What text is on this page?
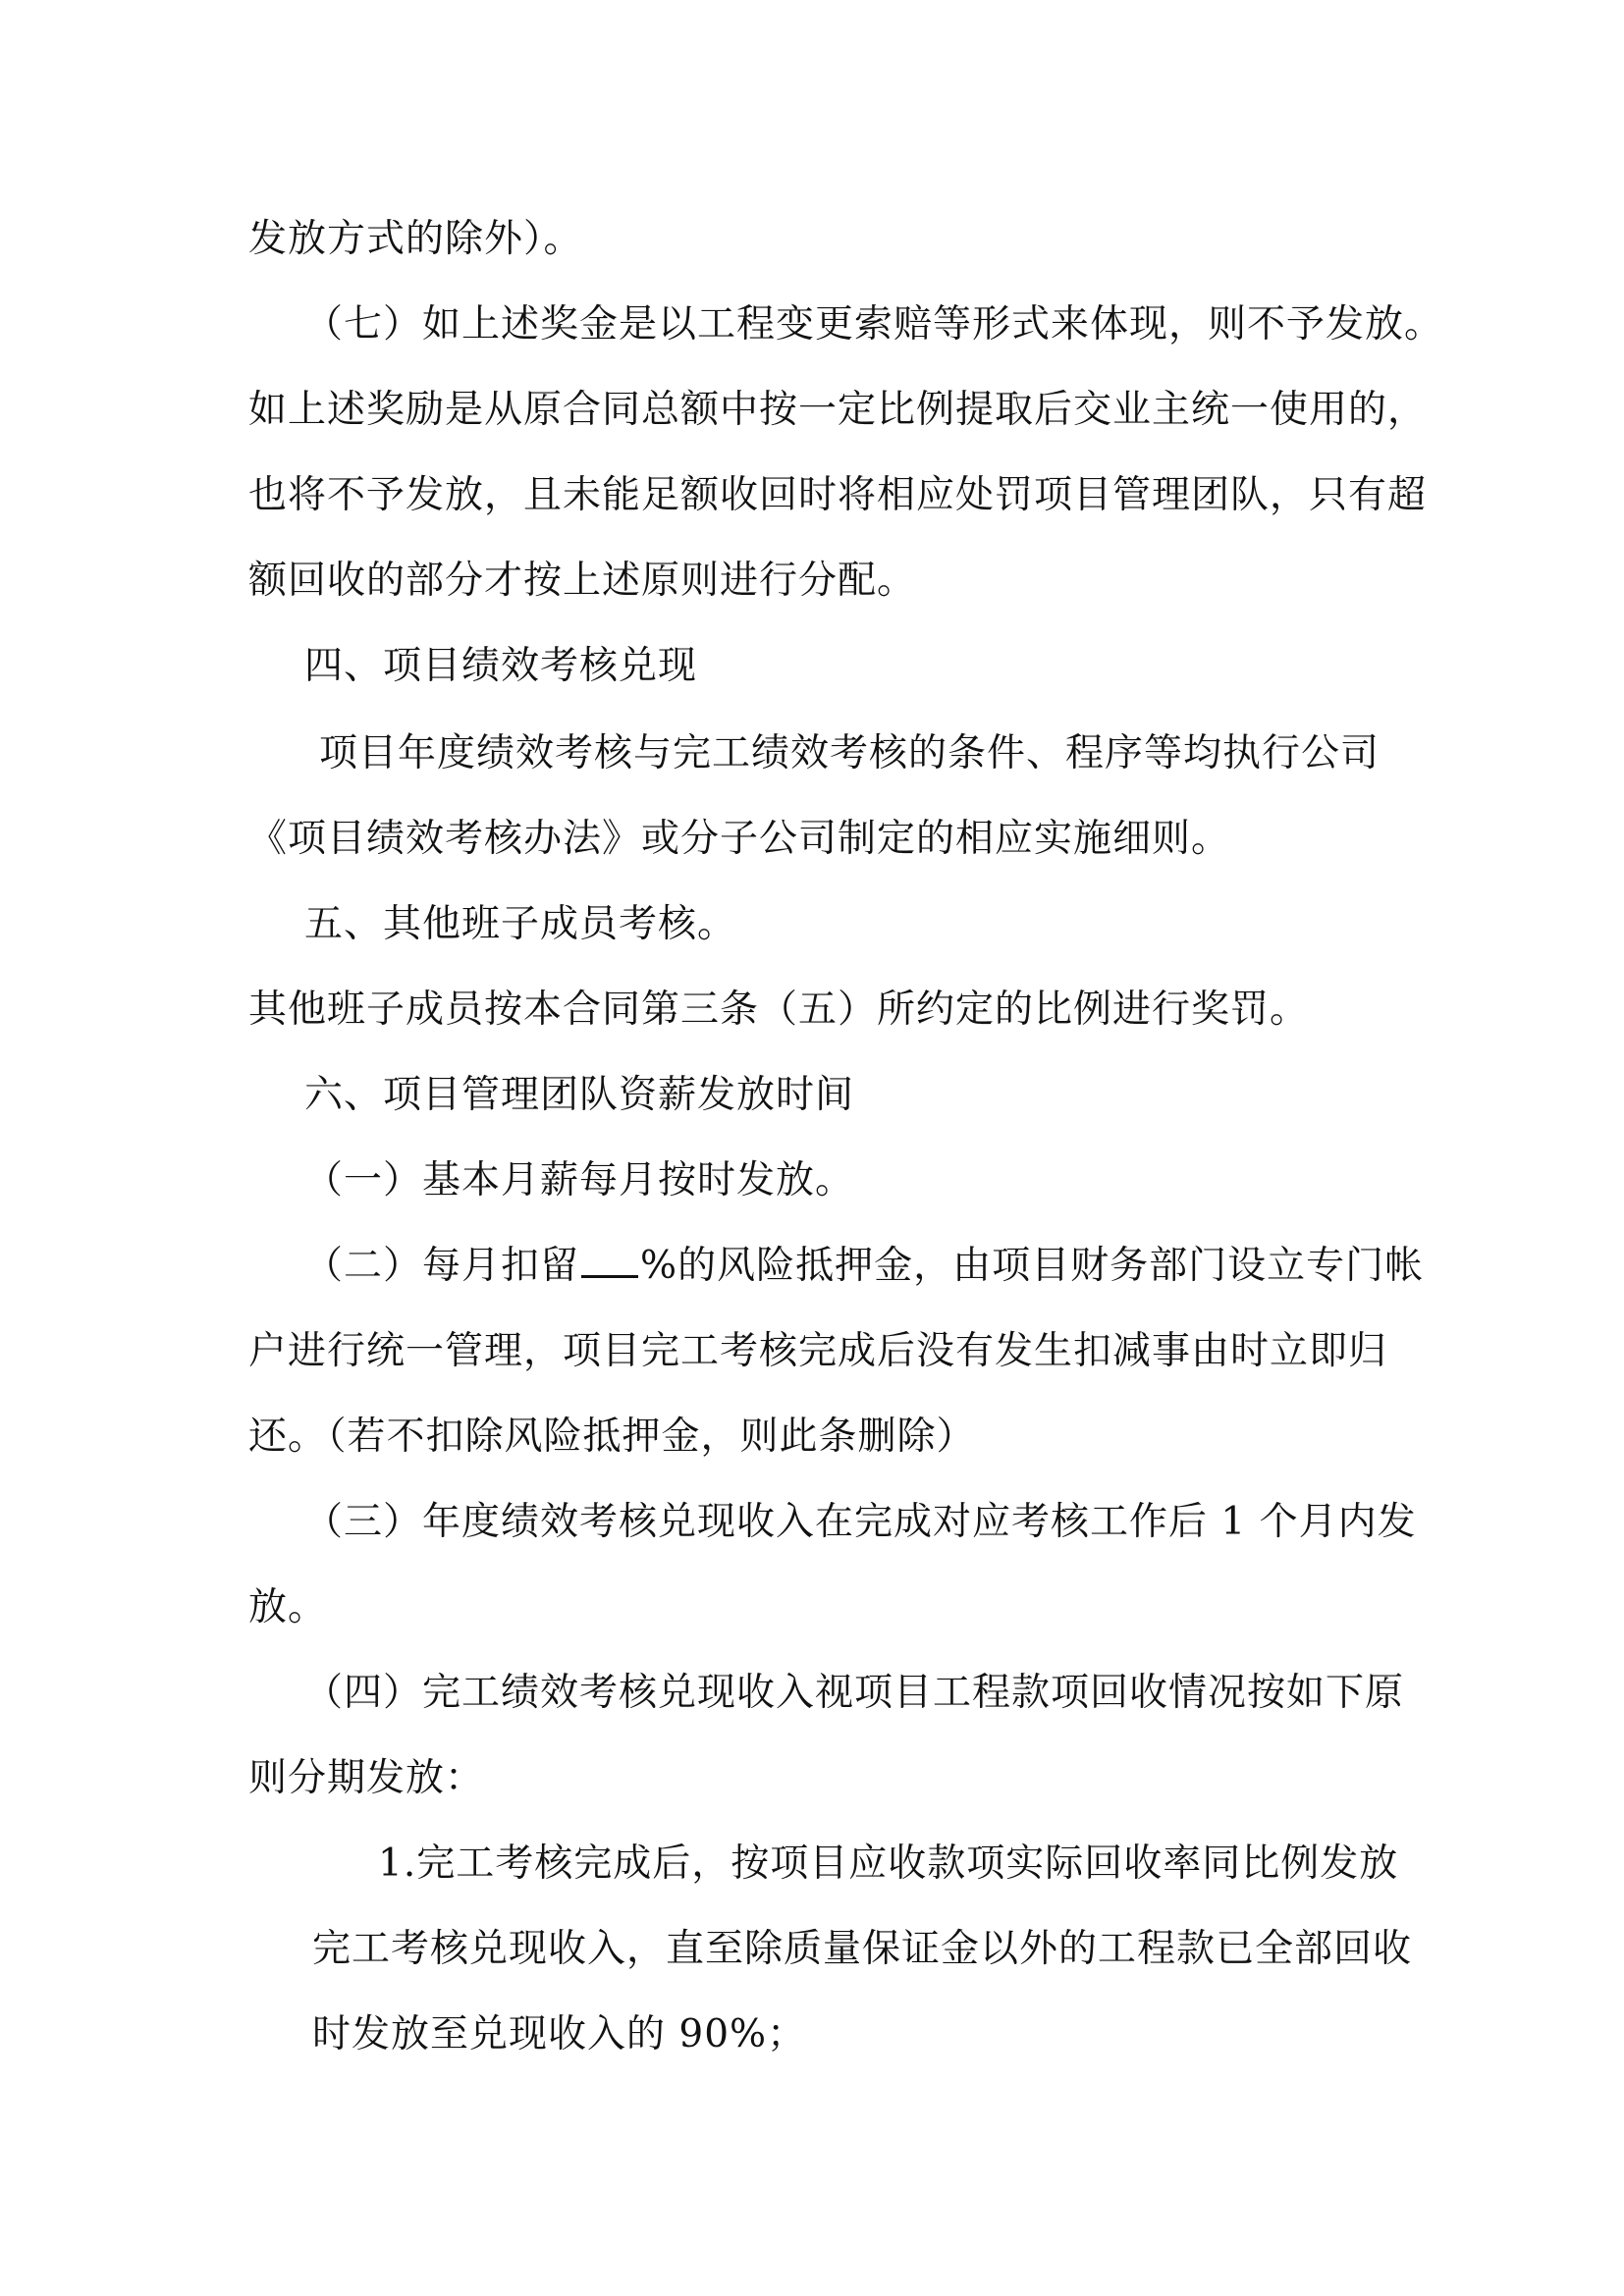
发放方式的除外）。
（七）如上述奖金是以工程变更索赔等形式来体现，则不予发放。
如上述奖励是从原合同总额中按一定比例提取后交业主统一使用的，
也将不予发放，且未能足额收回时将相应处罚项目管理团队，只有超
额回收的部分才按上述原则进行分配。
四、项目绩效考核兑现
项目年度绩效考核与完工绩效考核的条件、程序等均执行公司
《项目绩效考核办法》或分子公司制定的相应实施细则。
五、其他班子成员考核。
其他班子成员按本合同第三条（五）所约定的比例进行奖罚。
六、项目管理团队资薪发放时间
（一）基本月薪每月按时发放。
（二）每月扣留 %的风险抵押金，由项目财务部门设立专门帐
户进行统一管理，项目完工考核完成后没有发生扣减事由时立即归
还。（若不扣除风险抵押金，则此条删除）
（三）年度绩效考核兑现收入在完成对应考核工作后 1 个月内发
放。
（四）完工绩效考核兑现收入视项目工程款项回收情况按如下原
则分期发放：
1.完工考核完成后，按项目应收款项实际回收率同比例发放
完工考核兑现收入，直至除质量保证金以外的工程款已全部回收
时发放至兑现收入的 90%；
